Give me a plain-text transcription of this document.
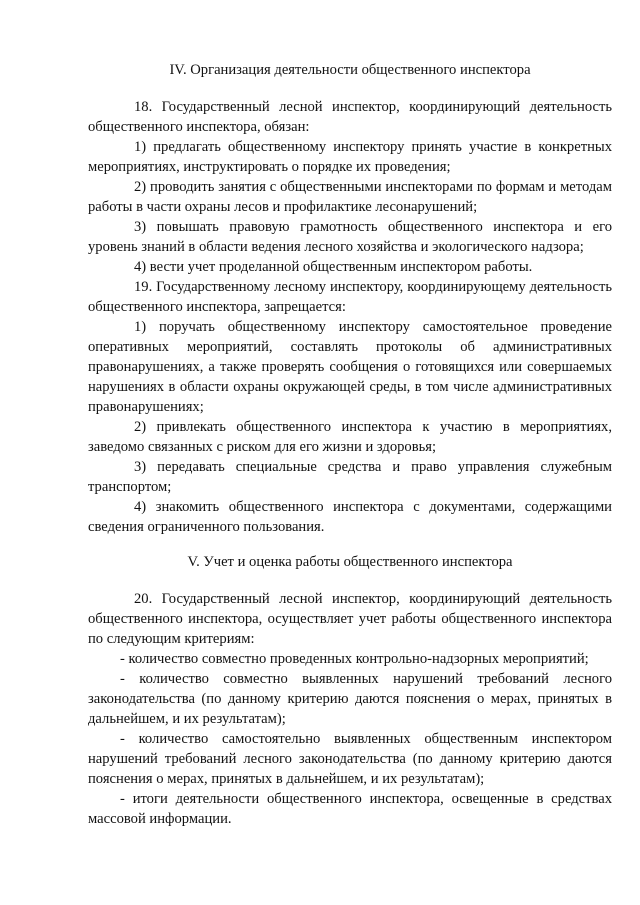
IV. Организация деятельности общественного инспектора

18. Государственный лесной инспектор, координирующий деятельность общественного инспектора, обязан:

1) предлагать общественному инспектору принять участие в конкретных мероприятиях, инструктировать о порядке их проведения;

2) проводить занятия с общественными инспекторами по формам и методам работы в части охраны лесов и профилактике лесонарушений;

3) повышать правовую грамотность общественного инспектора и его уровень знаний в области ведения лесного хозяйства и экологического надзора;

4) вести учет проделанной общественным инспектором работы.

19. Государственному лесному инспектору, координирующему деятельность общественного инспектора, запрещается:

1) поручать общественному инспектору самостоятельное проведение оперативных мероприятий, составлять протоколы об административных правонарушениях, а также проверять сообщения о готовящихся или совершаемых нарушениях в области охраны окружающей среды, в том числе административных правонарушениях;

2) привлекать общественного инспектора к участию в мероприятиях, заведомо связанных с риском для его жизни и здоровья;

3) передавать специальные средства и право управления служебным транспортом;

4) знакомить общественного инспектора с документами, содержащими сведения ограниченного пользования.

V. Учет и оценка работы общественного инспектора

20. Государственный лесной инспектор, координирующий деятельность общественного инспектора, осуществляет учет работы общественного инспектора по следующим критериям:

- количество совместно проведенных контрольно-надзорных мероприятий;

- количество совместно выявленных нарушений требований лесного законодательства (по данному критерию даются пояснения о мерах, принятых в дальнейшем, и их результатам);

- количество самостоятельно выявленных общественным инспектором нарушений требований лесного законодательства (по данному критерию даются пояснения о мерах, принятых в дальнейшем, и их результатам);

- итоги деятельности общественного инспектора, освещенные в средствах массовой информации.
